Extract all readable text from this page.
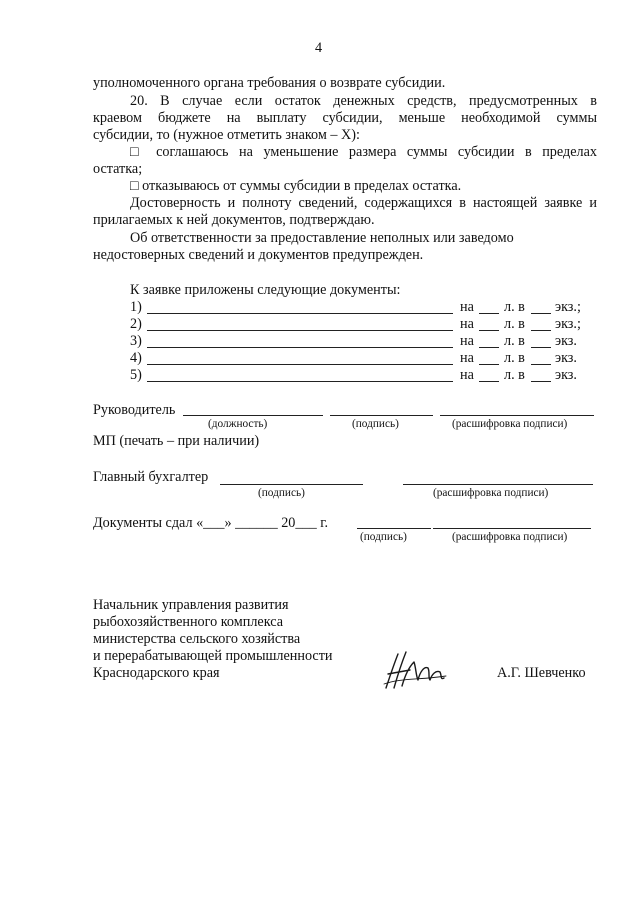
4
уполномоченного органа требования о возврате субсидии.
20. В случае если остаток денежных средств, предусмотренных в
краевом бюджете на выплату субсидии, меньше необходимой суммы
субсидии, то (нужное отметить знаком – X):
□ соглашаюсь на уменьшение размера суммы субсидии в пределах
остатка;
□ отказываюсь от суммы субсидии в пределах остатка.
Достоверность и полноту сведений, содержащихся в настоящей заявке и
прилагаемых к ней документов, подтверждаю.
Об ответственности за предоставление неполных или заведомо
недостоверных сведений и документов предупрежден.
К заявке приложены следующие документы:
1)	на л. в экз.;
2)	на л. в экз.;
3)	на л. в экз.
4)	на л. в экз.
5)	на л. в экз.
Руководитель
(должность)	(подпись)	(расшифровка подписи)
МП (печать – при наличии)
Главный бухгалтер
(подпись)	(расшифровка подписи)
Документы сдал «___» ______ 20___ г.
(подпись)	(расшифровка подписи)
Начальник управления развития
рыбохозяйственного комплекса
министерства сельского хозяйства
и перерабатывающей промышленности
Краснодарского края	А.Г. Шевченко
